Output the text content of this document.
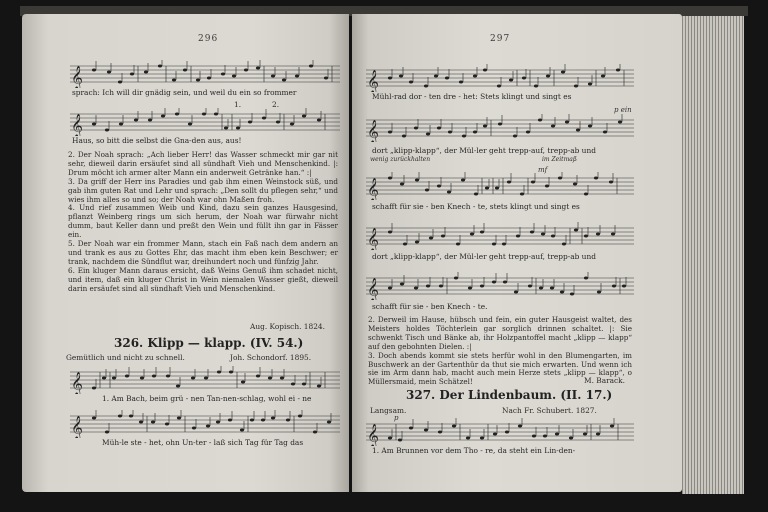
296
𝄞
sprach: Ich will dir gnädig sein, und weil du ein so frommer
𝄞
1.	2.
Haus, so bitt die selbst die Gna-den aus, aus!

2. Der Noah sprach: „Ach lieber Herr! das Wasser schmeckt mir gar nit sehr, dieweil darin ersäufet sind all sündhaft Vieh und Menschenkind. |: Drum möcht ich armer alter Mann ein anderweit Getränke han.“ :|

3. Da griff der Herr ins Paradies und gab ihm einen Weinstock süß, und gab ihm guten Rat und Lehr und sprach: „Den sollt du pflegen sehr,“ und wies ihm alles so und so; der Noah war ohn Maßen froh.

4. Und rief zusammen Weib und Kind, dazu sein ganzes Hausgesind, pflanzt Weinberg rings um sich herum, der Noah war fürwahr nicht dumm, baut Keller dann und preßt den Wein und füllt ihn gar in Fässer ein.

5. Der Noah war ein frommer Mann, stach ein Faß nach dem andern an und trank es aus zu Gottes Ehr, das macht ihm eben kein Beschwer; er trank, nachdem die Sündflut war, dreihundert noch und fünfzig Jahr.

6. Ein kluger Mann daraus ersicht, daß Weins Genuß ihm schadet nicht, und item, daß ein kluger Christ in Wein niemalen Wasser gießt, dieweil darin ersäufet sind all sündhaft Vieh und Menschenkind.

Aug. Kopisch. 1824.
326. Klipp — klapp. (IV. 54.)
Gemütlich und nicht zu schnell.	Joh. Schondorf. 1895.
𝄞
1. Am Bach, beim grü - nen Tan-nen-schlag, wohl ei - ne
𝄞
Müh-le ste - het, ohn Un-ter - laß sich Tag für Tag das
297
𝄞
Mühl-rad dor - ten dre - het: Stets klingt und singt es
p ein
𝄞
dort „klipp-klapp“, der Mül-ler geht trepp-auf, trepp-ab und
wenig zurückhalten	im Zeitmaß
mf
𝄞
schafft für sie - ben Knech - te, stets klingt und singt es
𝄞
dort „klipp-klapp“, der Mül-ler geht trepp-auf, trepp-ab und
𝄞
schafft für sie - ben Knech - te.

2. Derweil im Hause, hübsch und fein, ein guter Hausgeist waltet, des Meisters holdes Töchterlein gar sorglich drinnen schaltet. |: Sie schwenkt Tisch und Bänke ab, ihr Holzpantoffel macht „klipp — klapp“ auf den gebohnten Dielen. :|

3. Doch abends kommt sie stets herfür wohl in den Blumengarten, im Buschwerk an der Gartenthür da thut sie mich erwarten. Und wenn ich sie im Arm dann hab, macht auch mein Herze stets „klipp — klapp“, o Müllersmaid, mein Schätzel!	M. Barack.
327. Der Lindenbaum. (II. 17.)
Langsam.	Nach Fr. Schubert. 1827.
p
𝄞
1. Am Brunnen vor dem Tho - re, da steht ein Lin-den-
